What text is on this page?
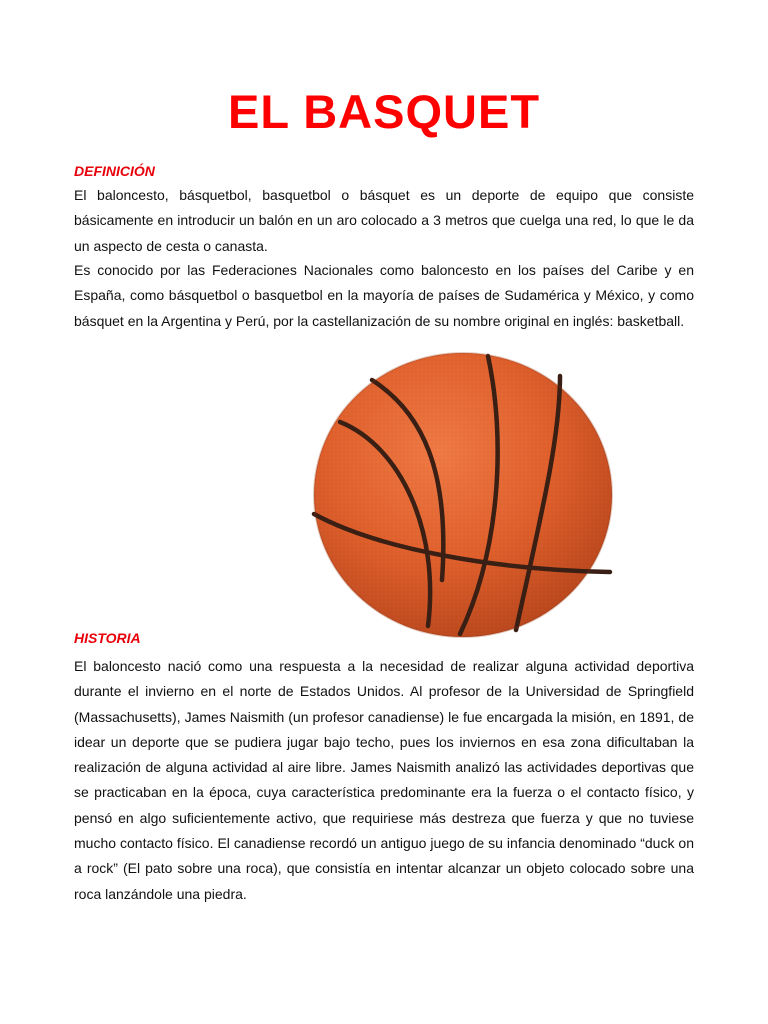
EL BASQUET
DEFINICIÓN

El baloncesto, básquetbol, basquetbol o básquet es un deporte de equipo que consiste básicamente en introducir un balón en un aro colocado a 3 metros que cuelga una red, lo que le da un aspecto de cesta o canasta.

Es conocido por las Federaciones Nacionales como baloncesto en los países del Caribe y en España, como básquetbol o basquetbol en la mayoría de países de Sudamérica y México, y como básquet en la Argentina y Perú, por la castellanización de su nombre original en inglés: basketball.

HISTORIA

El baloncesto nació como una respuesta a la necesidad de realizar alguna actividad deportiva durante el invierno en el norte de Estados Unidos. Al profesor de la Universidad de Springfield (Massachusetts), James Naismith (un profesor canadiense) le fue encargada la misión, en 1891, de idear un deporte que se pudiera jugar bajo techo, pues los inviernos en esa zona dificultaban la realización de alguna actividad al aire libre. James Naismith analizó las actividades deportivas que se practicaban en la época, cuya característica predominante era la fuerza o el contacto físico, y pensó en algo suficientemente activo, que requiriese más destreza que fuerza y que no tuviese mucho contacto físico. El canadiense recordó un antiguo juego de su infancia denominado “duck on a rock” (El pato sobre una roca), que consistía en intentar alcanzar un objeto colocado sobre una roca lanzándole una piedra.
